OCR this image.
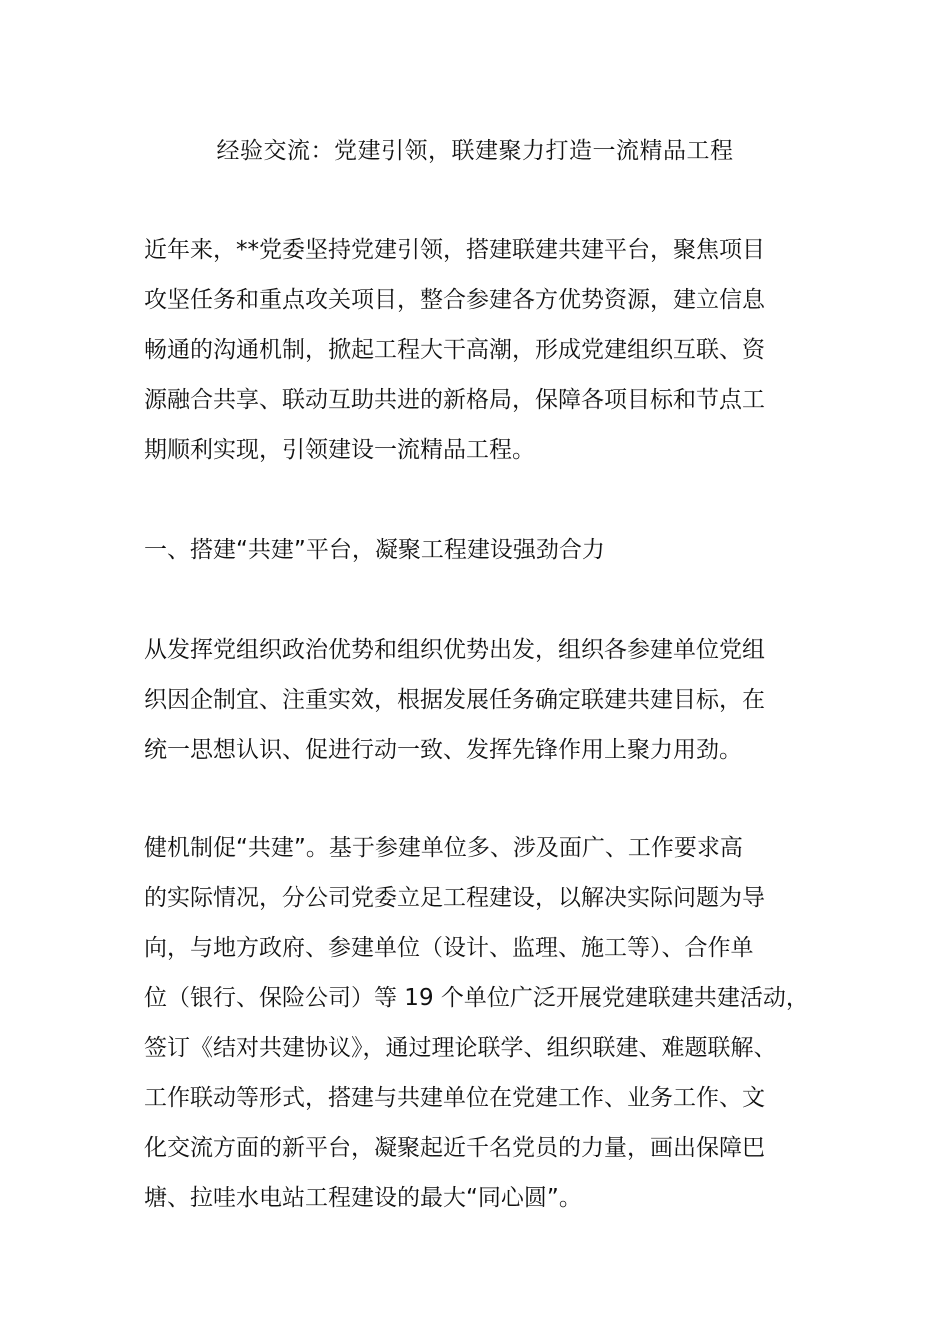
经验交流：党建引领，联建聚力打造一流精品工程
近年来，**党委坚持党建引领，搭建联建共建平台，聚焦项目
攻坚任务和重点攻关项目，整合参建各方优势资源，建立信息
畅通的沟通机制，掀起工程大干高潮，形成党建组织互联、资
源融合共享、联动互助共进的新格局，保障各项目标和节点工
期顺利实现，引领建设一流精品工程。
一、搭建“共建”平台，凝聚工程建设强劲合力
从发挥党组织政治优势和组织优势出发，组织各参建单位党组
织因企制宜、注重实效，根据发展任务确定联建共建目标，在
统一思想认识、促进行动一致、发挥先锋作用上聚力用劲。
健机制促“共建”。基于参建单位多、涉及面广、工作要求高
的实际情况，分公司党委立足工程建设，以解决实际问题为导
向，与地方政府、参建单位（设计、监理、施工等）、合作单
位（银行、保险公司）等 19 个单位广泛开展党建联建共建活动，
签订《结对共建协议》，通过理论联学、组织联建、难题联解、
工作联动等形式，搭建与共建单位在党建工作、业务工作、文
化交流方面的新平台，凝聚起近千名党员的力量，画出保障巴
塘、拉哇水电站工程建设的最大“同心圆”。
